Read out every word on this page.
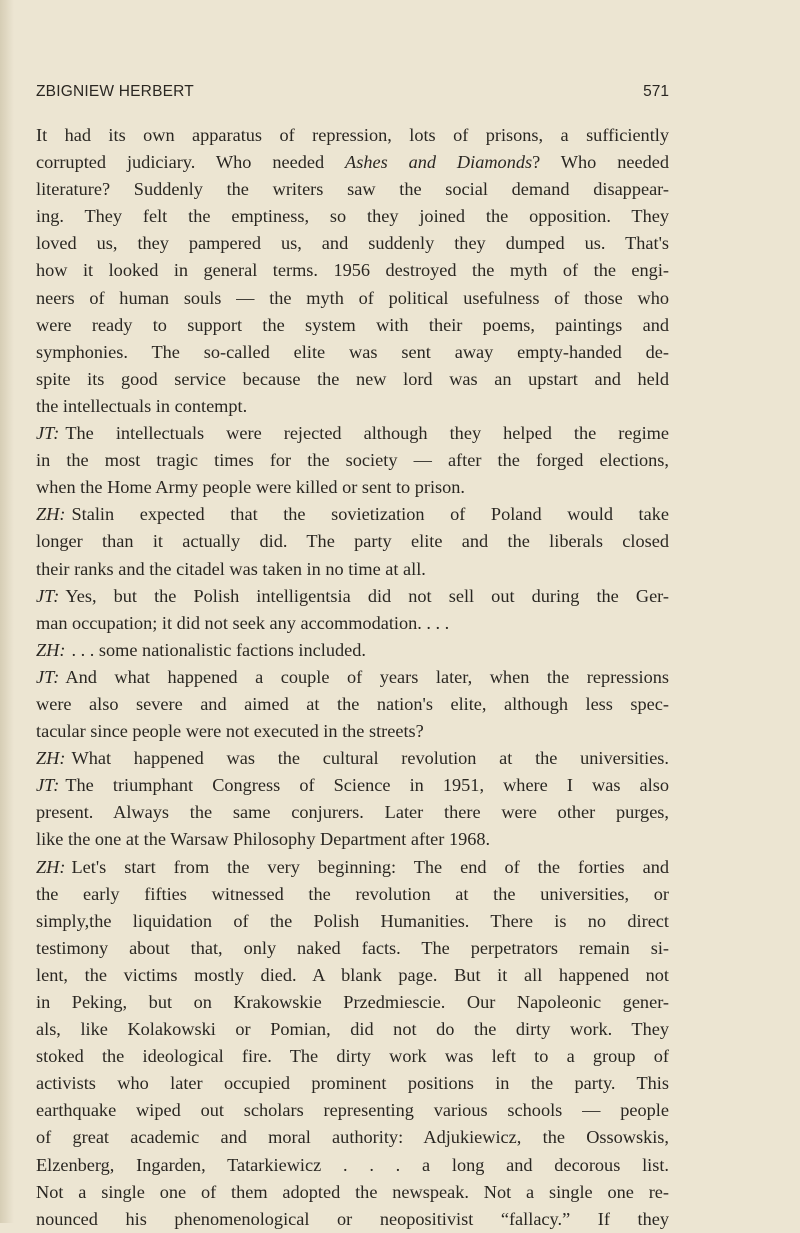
ZBIGNIEW HERBERT	571
It had its own apparatus of repression, lots of prisons, a sufficiently
corrupted judiciary. Who needed Ashes and Diamonds? Who needed
literature? Suddenly the writers saw the social demand disappear-
ing. They felt the emptiness, so they joined the opposition. They
loved us, they pampered us, and suddenly they dumped us. That's
how it looked in general terms. 1956 destroyed the myth of the engi-
neers of human souls — the myth of political usefulness of those who
were ready to support the system with their poems, paintings and
symphonies. The so-called elite was sent away empty-handed de-
spite its good service because the new lord was an upstart and held
the intellectuals in contempt.
JT: The intellectuals were rejected although they helped the regime
in the most tragic times for the society — after the forged elections,
when the Home Army people were killed or sent to prison.
ZH: Stalin expected that the sovietization of Poland would take
longer than it actually did. The party elite and the liberals closed
their ranks and the citadel was taken in no time at all.
JT: Yes, but the Polish intelligentsia did not sell out during the Ger-
man occupation; it did not seek any accommodation. . . .
ZH: . . . some nationalistic factions included.
JT: And what happened a couple of years later, when the repressions
were also severe and aimed at the nation's elite, although less spec-
tacular since people were not executed in the streets?
ZH: What happened was the cultural revolution at the universities.
JT: The triumphant Congress of Science in 1951, where I was also
present. Always the same conjurers. Later there were other purges,
like the one at the Warsaw Philosophy Department after 1968.
ZH: Let's start from the very beginning: The end of the forties and
the early fifties witnessed the revolution at the universities, or
simply,the liquidation of the Polish Humanities. There is no direct
testimony about that, only naked facts. The perpetrators remain si-
lent, the victims mostly died. A blank page. But it all happened not
in Peking, but on Krakowskie Przedmiescie. Our Napoleonic gener-
als, like Kolakowski or Pomian, did not do the dirty work. They
stoked the ideological fire. The dirty work was left to a group of
activists who later occupied prominent positions in the party. This
earthquake wiped out scholars representing various schools — people
of great academic and moral authority: Adjukiewicz, the Ossowskis,
Elzenberg, Ingarden, Tatarkiewicz . . . a long and decorous list.
Not a single one of them adopted the newspeak. Not a single one re-
nounced his phenomenological or neopositivist “fallacy.” If they
